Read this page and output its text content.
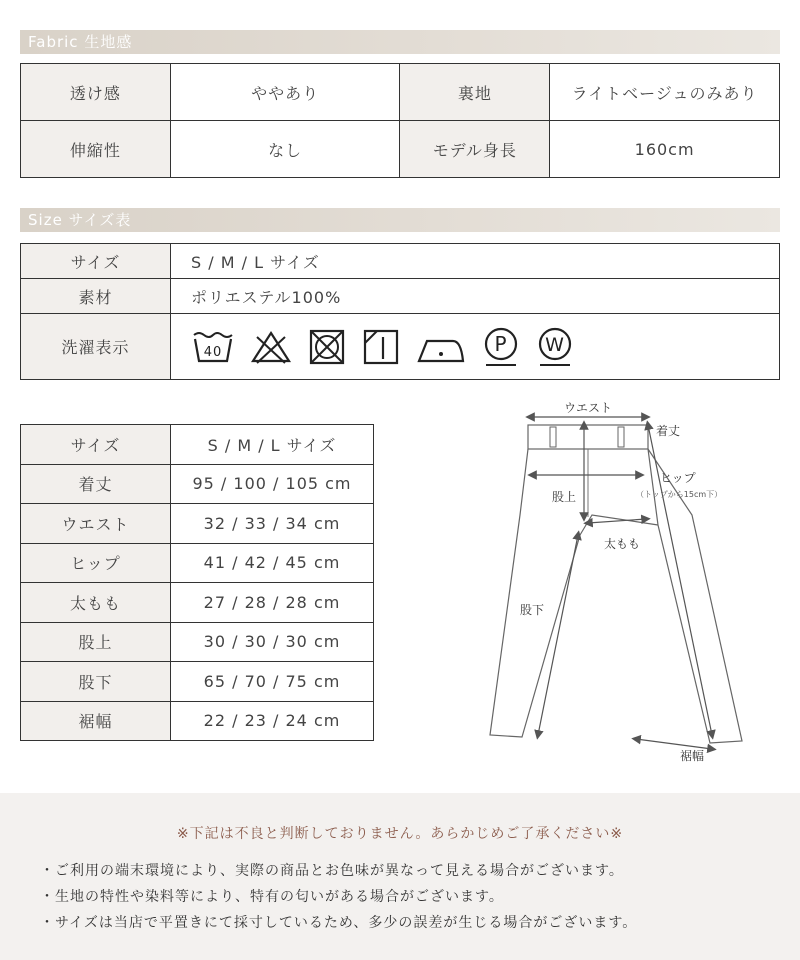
Fabric 生地感
透け感	ややあり	裏地	ライトベージュのみあり
伸縮性	なし	モデル身長	160cm
Size サイズ表
サイズ	S / M / L サイズ
素材	ポリエステル100%
洗濯表示	40 P W
サイズ	S / M / L サイズ
着丈	95 / 100 / 105 cm
ウエスト	32 / 33 / 34 cm
ヒップ	41 / 42 / 45 cm
太もも	27 / 28 / 28 cm
股上	30 / 30 / 30 cm
股下	65 / 70 / 75 cm
裾幅	22 / 23 / 24 cm
ウエスト
着丈
ヒップ
（トップから15cm下）
股上
太もも
股下
裾幅
※下記は不良と判断しておりません。あらかじめご了承ください※
・ご利用の端末環境により、実際の商品とお色味が異なって見える場合がございます。
・生地の特性や染料等により、特有の匂いがある場合がございます。
・サイズは当店で平置きにて採寸しているため、多少の誤差が生じる場合がございます。
